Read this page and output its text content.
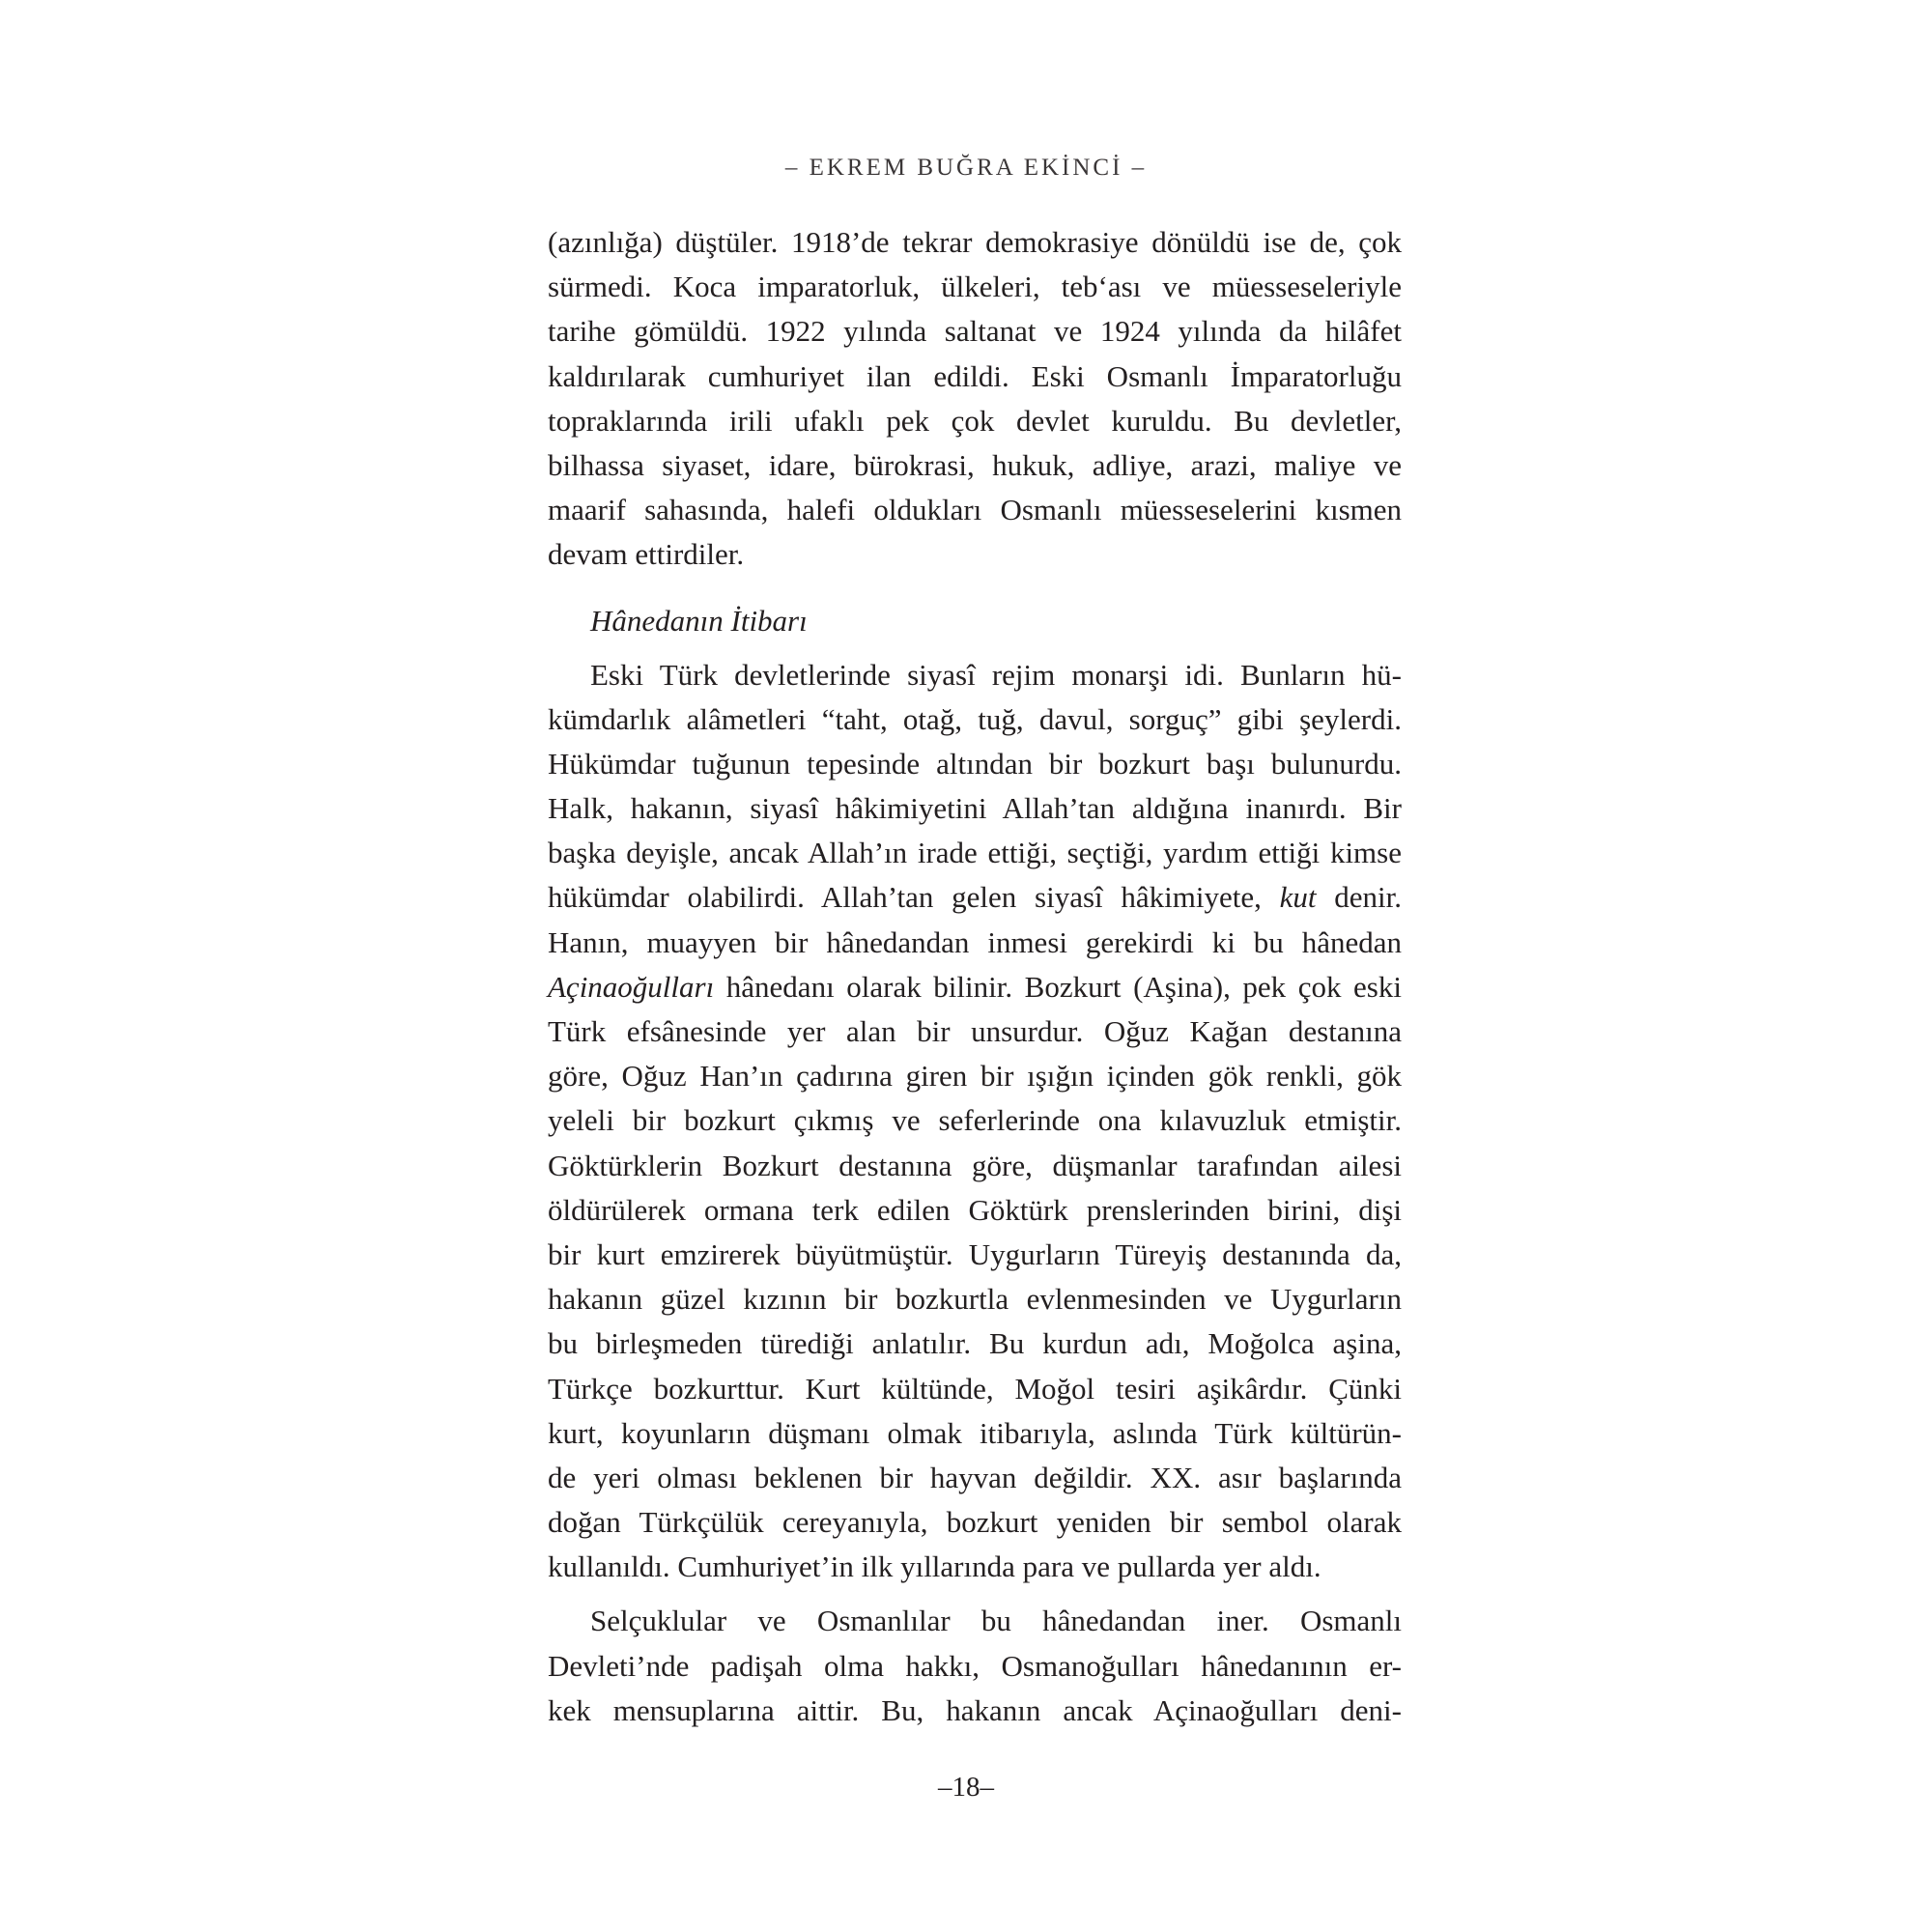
– EKREM BUĞRA EKİNCİ –
(azınlığa) düştüler. 1918’de tekrar demokrasiye dönüldü ise de, çok
sürmedi. Koca imparatorluk, ülkeleri, teb‘ası ve müesseseleriyle
tarihe gömüldü. 1922 yılında saltanat ve 1924 yılında da hilâfet
kaldırılarak cumhuriyet ilan edildi. Eski Osmanlı İmparatorluğu
topraklarında irili ufaklı pek çok devlet kuruldu. Bu devletler,
bilhassa siyaset, idare, bürokrasi, hukuk, adliye, arazi, maliye ve
maarif sahasında, halefi oldukları Osmanlı müesseselerini kısmen
devam ettirdiler.
Hânedanın İtibarı
Eski Türk devletlerinde siyasî rejim monarşi idi. Bunların hü-
kümdarlık alâmetleri “taht, otağ, tuğ, davul, sorguç” gibi şeylerdi.
Hükümdar tuğunun tepesinde altından bir bozkurt başı bulunurdu.
Halk, hakanın, siyasî hâkimiyetini Allah’tan aldığına inanırdı. Bir
başka deyişle, ancak Allah’ın irade ettiği, seçtiği, yardım ettiği kimse
hükümdar olabilirdi. Allah’tan gelen siyasî hâkimiyete, kut denir.
Hanın, muayyen bir hânedandan inmesi gerekirdi ki bu hânedan
Açinaoğulları hânedanı olarak bilinir. Bozkurt (Aşina), pek çok eski
Türk efsânesinde yer alan bir unsurdur. Oğuz Kağan destanına
göre, Oğuz Han’ın çadırına giren bir ışığın içinden gök renkli, gök
yeleli bir bozkurt çıkmış ve seferlerinde ona kılavuzluk etmiştir.
Göktürklerin Bozkurt destanına göre, düşmanlar tarafından ailesi
öldürülerek ormana terk edilen Göktürk prenslerinden birini, dişi
bir kurt emzirerek büyütmüştür. Uygurların Türeyiş destanında da,
hakanın güzel kızının bir bozkurtla evlenmesinden ve Uygurların
bu birleşmeden türediği anlatılır. Bu kurdun adı, Moğolca aşina,
Türkçe bozkurttur. Kurt kültünde, Moğol tesiri aşikârdır. Çünki
kurt, koyunların düşmanı olmak itibarıyla, aslında Türk kültürün-
de yeri olması beklenen bir hayvan değildir. XX. asır başlarında
doğan Türkçülük cereyanıyla, bozkurt yeniden bir sembol olarak
kullanıldı. Cumhuriyet’in ilk yıllarında para ve pullarda yer aldı.
Selçuklular ve Osmanlılar bu hânedandan iner. Osmanlı
Devleti’nde padişah olma hakkı, Osmanoğulları hânedanının er-
kek mensuplarına aittir. Bu, hakanın ancak Açinaoğulları deni-
–18–
